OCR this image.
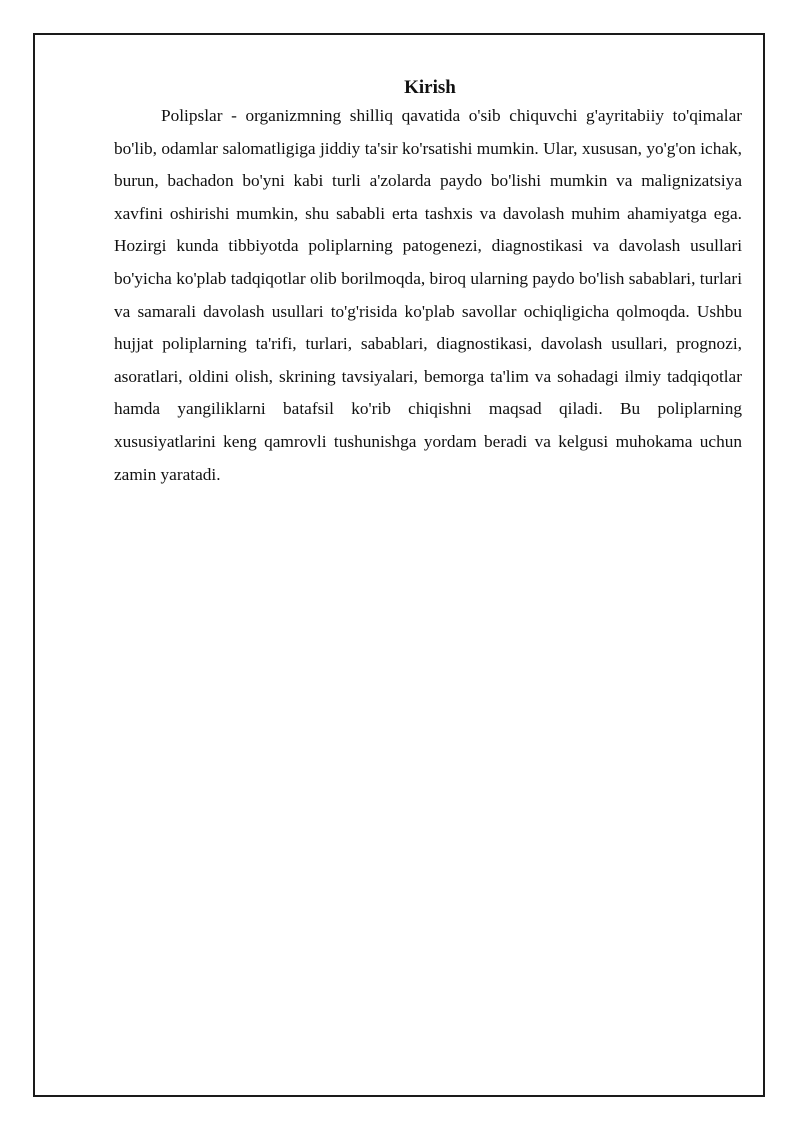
Kirish

Polipslar - organizmning shilliq qavatida o'sib chiquvchi g'ayritabiiy to'qimalar bo'lib, odamlar salomatligiga jiddiy ta'sir ko'rsatishi mumkin. Ular, xususan, yo'g'on ichak, burun, bachadon bo'yni kabi turli a'zolarda paydo bo'lishi mumkin va malignizatsiya xavfini oshirishi mumkin, shu sababli erta tashxis va davolash muhim ahamiyatga ega. Hozirgi kunda tibbiyotda poliplarning patogenezi, diagnostikasi va davolash usullari bo'yicha ko'plab tadqiqotlar olib borilmoqda, biroq ularning paydo bo'lish sabablari, turlari va samarali davolash usullari to'g'risida ko'plab savollar ochiqligicha qolmoqda. Ushbu hujjat poliplarning ta'rifi, turlari, sabablari, diagnostikasi, davolash usullari, prognozi, asoratlari, oldini olish, skrining tavsiyalari, bemorga ta'lim va sohadagi ilmiy tadqiqotlar hamda yangiliklarni batafsil ko'rib chiqishni maqsad qiladi. Bu poliplarning xususiyatlarini keng qamrovli tushunishga yordam beradi va kelgusi muhokama uchun zamin yaratadi.
